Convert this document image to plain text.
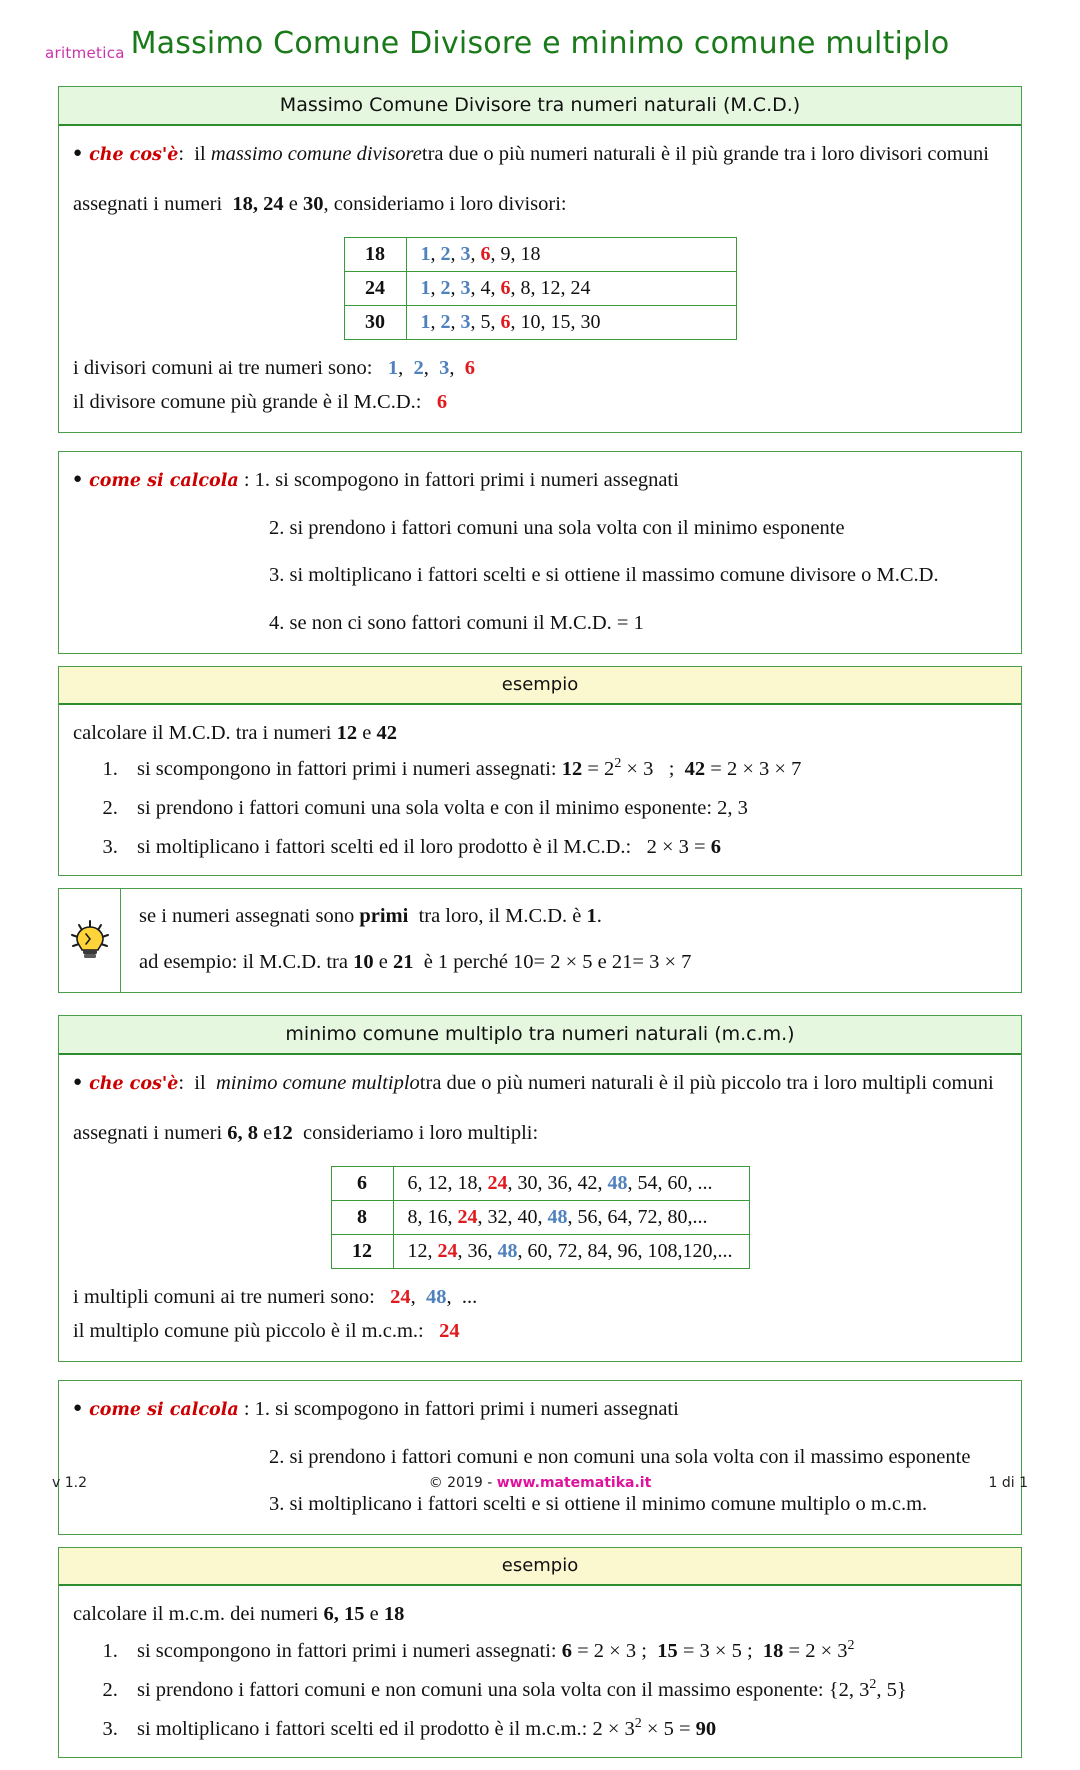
aritmetica Massimo Comune Divisore e minimo comune multiplo
Massimo Comune Divisore tra numeri naturali (M.C.D.)
● che cos'è: il massimo comune divisoretra due o più numeri naturali è il più grande tra i loro divisori comuni
assegnati i numeri 18, 24 e 30, consideriamo i loro divisori:
18	1, 2, 3, 6, 9, 18
24	1, 2, 3, 4, 6, 8, 12, 24
30	1, 2, 3, 5, 6, 10, 15, 30
i divisori comuni ai tre numeri sono: 1,  2,  3,  6
il divisore comune più grande è il M.C.D.: 6
● come si calcola : 1. si scompogono in fattori primi i numeri assegnati
2. si prendono i fattori comuni una sola volta con il minimo esponente
3. si moltiplicano i fattori scelti e si ottiene il massimo comune divisore o M.C.D.
4. se non ci sono fattori comuni il M.C.D. = 1
esempio
calcolare il M.C.D. tra i numeri 12 e 42
1. si scompongono in fattori primi i numeri assegnati: $12 = 2^2 \times 3$   ;  42 = 2 × 3 × 7
2. si prendono i fattori comuni una sola volta e con il minimo esponente: 2, 3
3. si moltiplicano i fattori scelti ed il loro prodotto è il M.C.D.: 2 × 3 = 6
se i numeri assegnati sono primi tra loro, il M.C.D. è 1.
ad esempio: il M.C.D. tra 10 e 21 è 1 perché 10= 2 × 5 e 21= 3 × 7
minimo comune multiplo tra numeri naturali (m.c.m.)
● che cos'è: il minimo comune multiplotra due o più numeri naturali è il più piccolo tra i loro multipli comuni
assegnati i numeri 6, 8 e12 consideriamo i loro multipli:
6	6, 12, 18, 24, 30, 36, 42, 48, 54, 60, ...
8	8, 16, 24, 32, 40, 48, 56, 64, 72, 80,...
12	12, 24, 36, 48, 60, 72, 84, 96, 108,120,...
i multipli comuni ai tre numeri sono: 24,  48,  ...
il multiplo comune più piccolo è il m.c.m.: 24
● come si calcola : 1. si scompogono in fattori primi i numeri assegnati
2. si prendono i fattori comuni e non comuni una sola volta con il massimo esponente
3. si moltiplicano i fattori scelti e si ottiene il minimo comune multiplo o m.c.m.
esempio
calcolare il m.c.m. dei numeri 6, 15 e 18
1. si scompongono in fattori primi i numeri assegnati: 6 = 2 × 3 ;  15 = 3 × 5 ;  $18 = 2 \times 3^2$
2. si prendono i fattori comuni e non comuni una sola volta con il massimo esponente: {2, $3^2$, 5}
3. si moltiplicano i fattori scelti ed il prodotto è il m.c.m.: $2 \times 3^2 \times 5 = 90$
v 1.2	© 2019 - www.matematika.it	1 di 1
